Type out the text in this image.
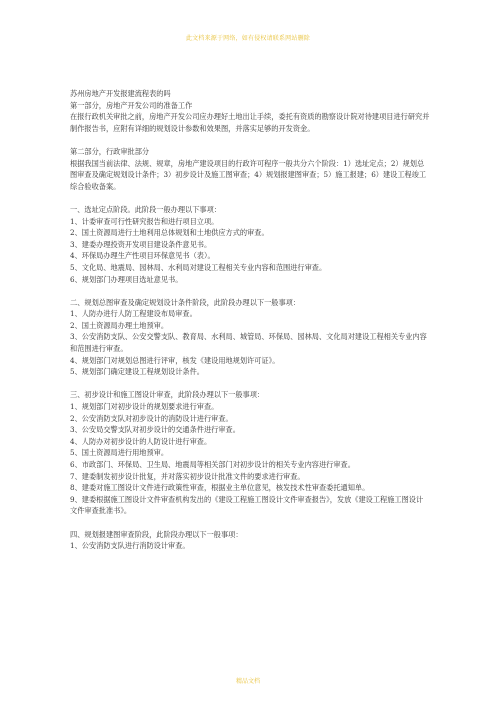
此文档来源于网络，如有侵权请联系网站删除

苏州房地产开发报建流程表的吗

第一部分，房地产开发公司的准备工作

在报行政机关审批之前，房地产开发公司应办理好土地出让手续，委托有资质的勘察设计院对待建项目进行研究并制作报告书，应附有详细的规划设计参数和效果图，并落实足够的开发资金。

第二部分，行政审批部分

根据我国当前法律、法规、规章，房地产建设项目的行政许可程序一般共分六个阶段：1）选址定点；2）规划总图审查及确定规划设计条件；3）初步设计及施工图审查；4）规划报建图审查；5）施工报建；6）建设工程竣工综合验收备案。

一、选址定点阶段。此阶段一般办理以下事项：

1、计委审查可行性研究报告和进行项目立项。

2、国土资源局进行土地利用总体规划和土地供应方式的审查。

3、建委办理投资开发项目建设条件意见书。

4、环保局办理生产性项目环保意见书（表）。

5、文化局、地震局、园林局、水利局对建设工程相关专业内容和范围进行审查。

6、规划部门办理项目选址意见书。

二、规划总图审查及确定规划设计条件阶段，此阶段办理以下一般事项：

1、人防办进行人防工程建设布局审查。

2、国土资源局办理土地预审。

3、公安消防支队、公安交警支队、教育局、水利局、城管局、环保局、园林局、文化局对建设工程相关专业内容和范围进行审查。

4、规划部门对规划总图进行评审，核发《建设用地规划许可证》。

5、规划部门确定建设工程规划设计条件。

三、初步设计和施工图设计审查，此阶段办理以下一般事项：

1、规划部门对初步设计的规划要求进行审查。

2、公安消防支队对初步设计的消防设计进行审查。

3、公安局交警支队对初步设计的交通条件进行审查。

4、人防办对初步设计的人防设计进行审查。

5、国土资源局进行用地预审。

6、市政部门、环保局、卫生局、地震局等相关部门对初步设计的相关专业内容进行审查。

7、建委制发初步设计批复，并对落实初步设计批准文件的要求进行审查。

8、建委对施工图设计文件进行政策性审查，根据业主单位意见，核发技术性审查委托通知单。

9、建委根据施工图设计文件审查机构发出的《建设工程施工图设计文件审查报告》，发放《建设工程施工图设计文件审查批准书》。

四、规划报建图审查阶段，此阶段办理以下一般事项：

1、公安消防支队进行消防设计审查。

精品文档
